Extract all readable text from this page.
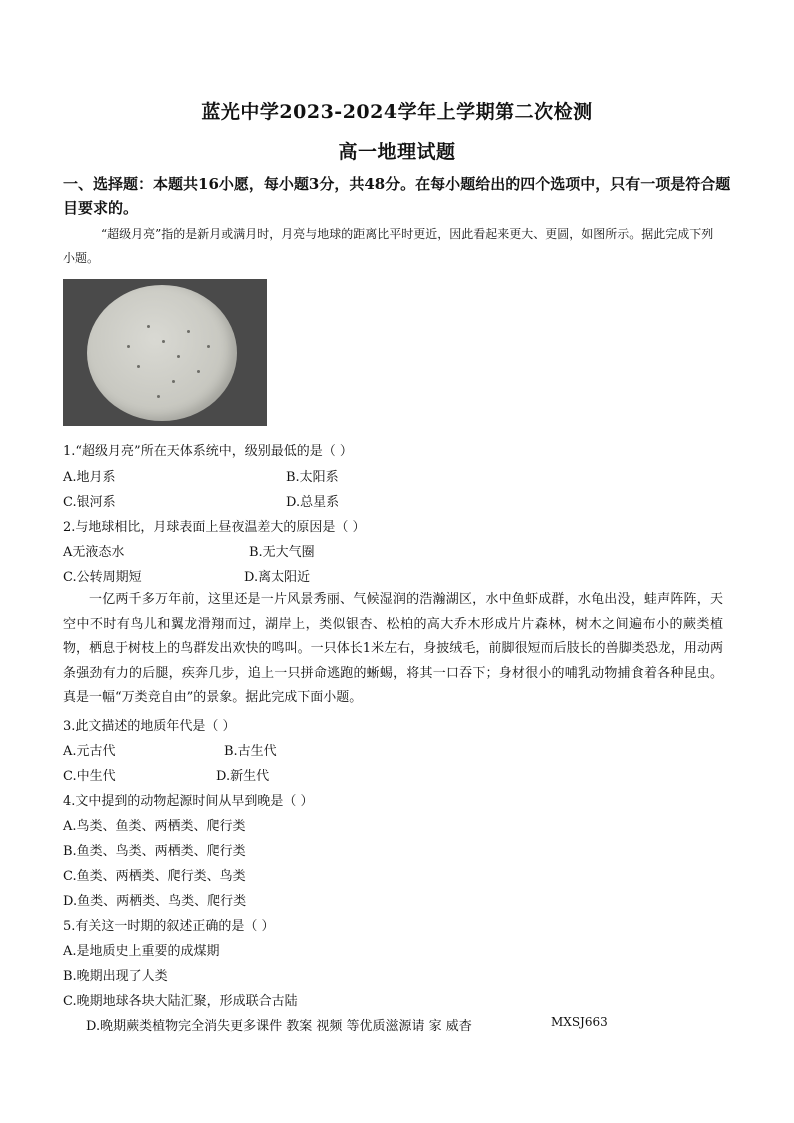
蓝光中学2023-2024学年上学期第二次检测
高一地理试题
一、选择题：本题共16小愿，每小题3分，共48分。在每小题给出的四个选项中，只有一项是符合题目要求的。
“超级月亮”指的是新月或满月时，月亮与地球的距离比平时更近，因此看起来更大、更圆，如图所示。据此完成下列小题。
1.“超级月亮”所在天体系统中，级别最低的是（ ）
A.地月系	B.太阳系
C.银河系	D.总星系
2.与地球相比，月球表面上昼夜温差大的原因是（ ）
A无液态水	B.无大气圈
C.公转周期短	D.离太阳近
一亿两千多万年前，这里还是一片风景秀丽、气候湿润的浩瀚湖区，水中鱼虾成群，水龟出没，蛙声阵阵，天空中不时有鸟儿和翼龙滑翔而过，湖岸上，类似银杏、松柏的高大乔木形成片片森林，树木之间遍布小的蕨类植物，栖息于树枝上的鸟群发出欢快的鸣叫。一只体长1米左右，身披绒毛，前脚很短而后肢长的兽脚类恐龙，用动两条强劲有力的后腿，疾奔几步，追上一只拼命逃跑的蜥蜴，将其一口吞下；身材很小的哺乳动物捕食着各种昆虫。真是一幅“万类竞自由”的景象。据此完成下面小题。
3.此文描述的地质年代是（ ）
A.元古代	B.古生代
C.中生代	D.新生代
4.文中提到的动物起源时间从早到晚是（ ）
A.鸟类、鱼类、两栖类、爬行类
B.鱼类、鸟类、两栖类、爬行类
C.鱼类、两栖类、爬行类、鸟类
D.鱼类、两栖类、鸟类、爬行类
5.有关这一时期的叙述正确的是（ ）
A.是地质史上重要的成煤期
B.晚期出现了人类
C.晚期地球各块大陆汇聚，形成联合古陆
D.晚期蕨类植物完全消失更多课件 教案 视频 等优质滋源请 家 威杳	MXSJ663
